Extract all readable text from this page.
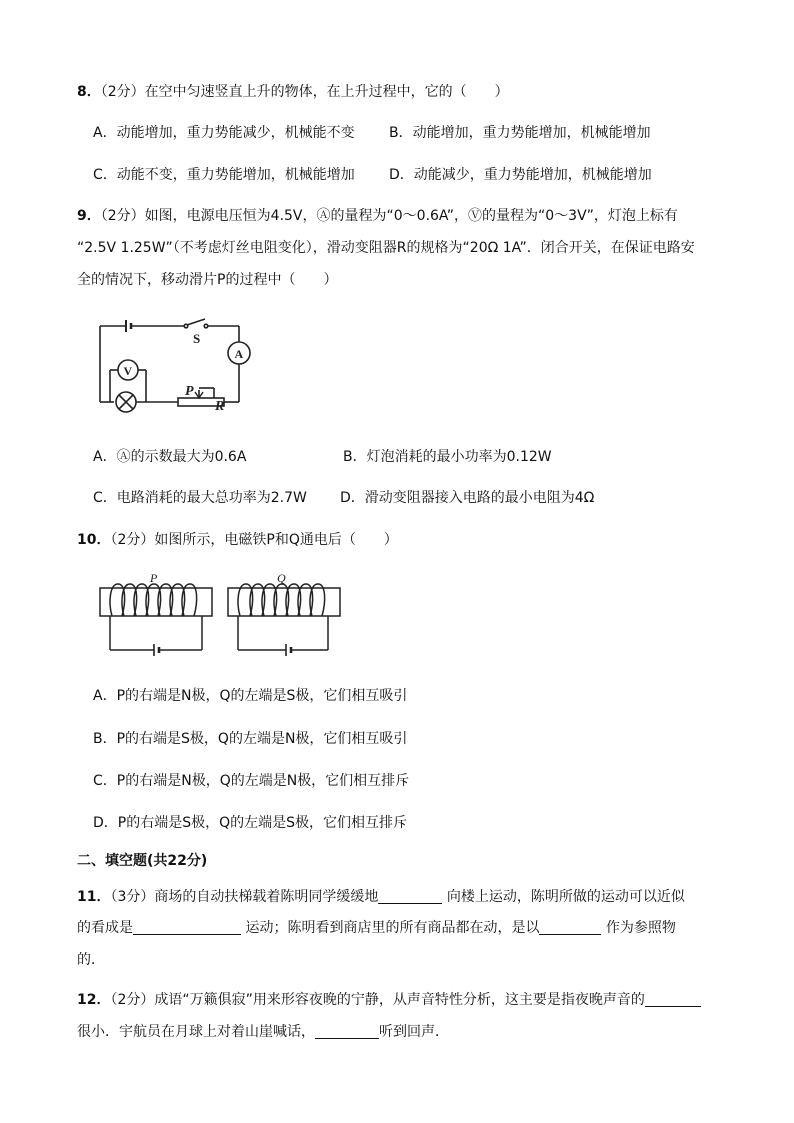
8．（2分）在空中匀速竖直上升的物体，在上升过程中，它的（　　）
A．动能增加，重力势能减少，机械能不变 B．动能增加，重力势能增加，机械能增加
C．动能不变，重力势能增加，机械能增加 D．动能减少，重力势能增加，机械能增加
9．（2分）如图，电源电压恒为4.5V，Ⓐ的量程为“0～0.6A”，Ⓥ的量程为“0～3V”，灯泡上标有
“2.5V 1.25W”（不考虑灯丝电阻变化），滑动变阻器R的规格为“20Ω 1A”．闭合开关，在保证电路安
全的情况下，移动滑片P的过程中（　　）
S
A
V
P
R
A．Ⓐ的示数最大为0.6A	B．灯泡消耗的最小功率为0.12W
C．电路消耗的最大总功率为2.7W D．滑动变阻器接入电路的最小电阻为4Ω
10．（2分）如图所示，电磁铁P和Q通电后（　　）
P	Q
A．P的右端是N极，Q的左端是S极，它们相互吸引
B．P的右端是S极，Q的左端是N极，它们相互吸引
C．P的右端是N极，Q的左端是N极，它们相互排斥
D．P的右端是S极，Q的左端是S极，它们相互排斥
二、填空题(共22分)
11．（3分）商场的自动扶梯载着陈明同学缓缓地	向楼上运动，陈明所做的运动可以近似
的看成是	运动；陈明看到商店里的所有商品都在动，是以	作为参照物
的．
12．（2分）成语“万籁俱寂”用来形容夜晚的宁静，从声音特性分析，这主要是指夜晚声音的
很小．宇航员在月球上对着山崖喊话，	听到回声．
